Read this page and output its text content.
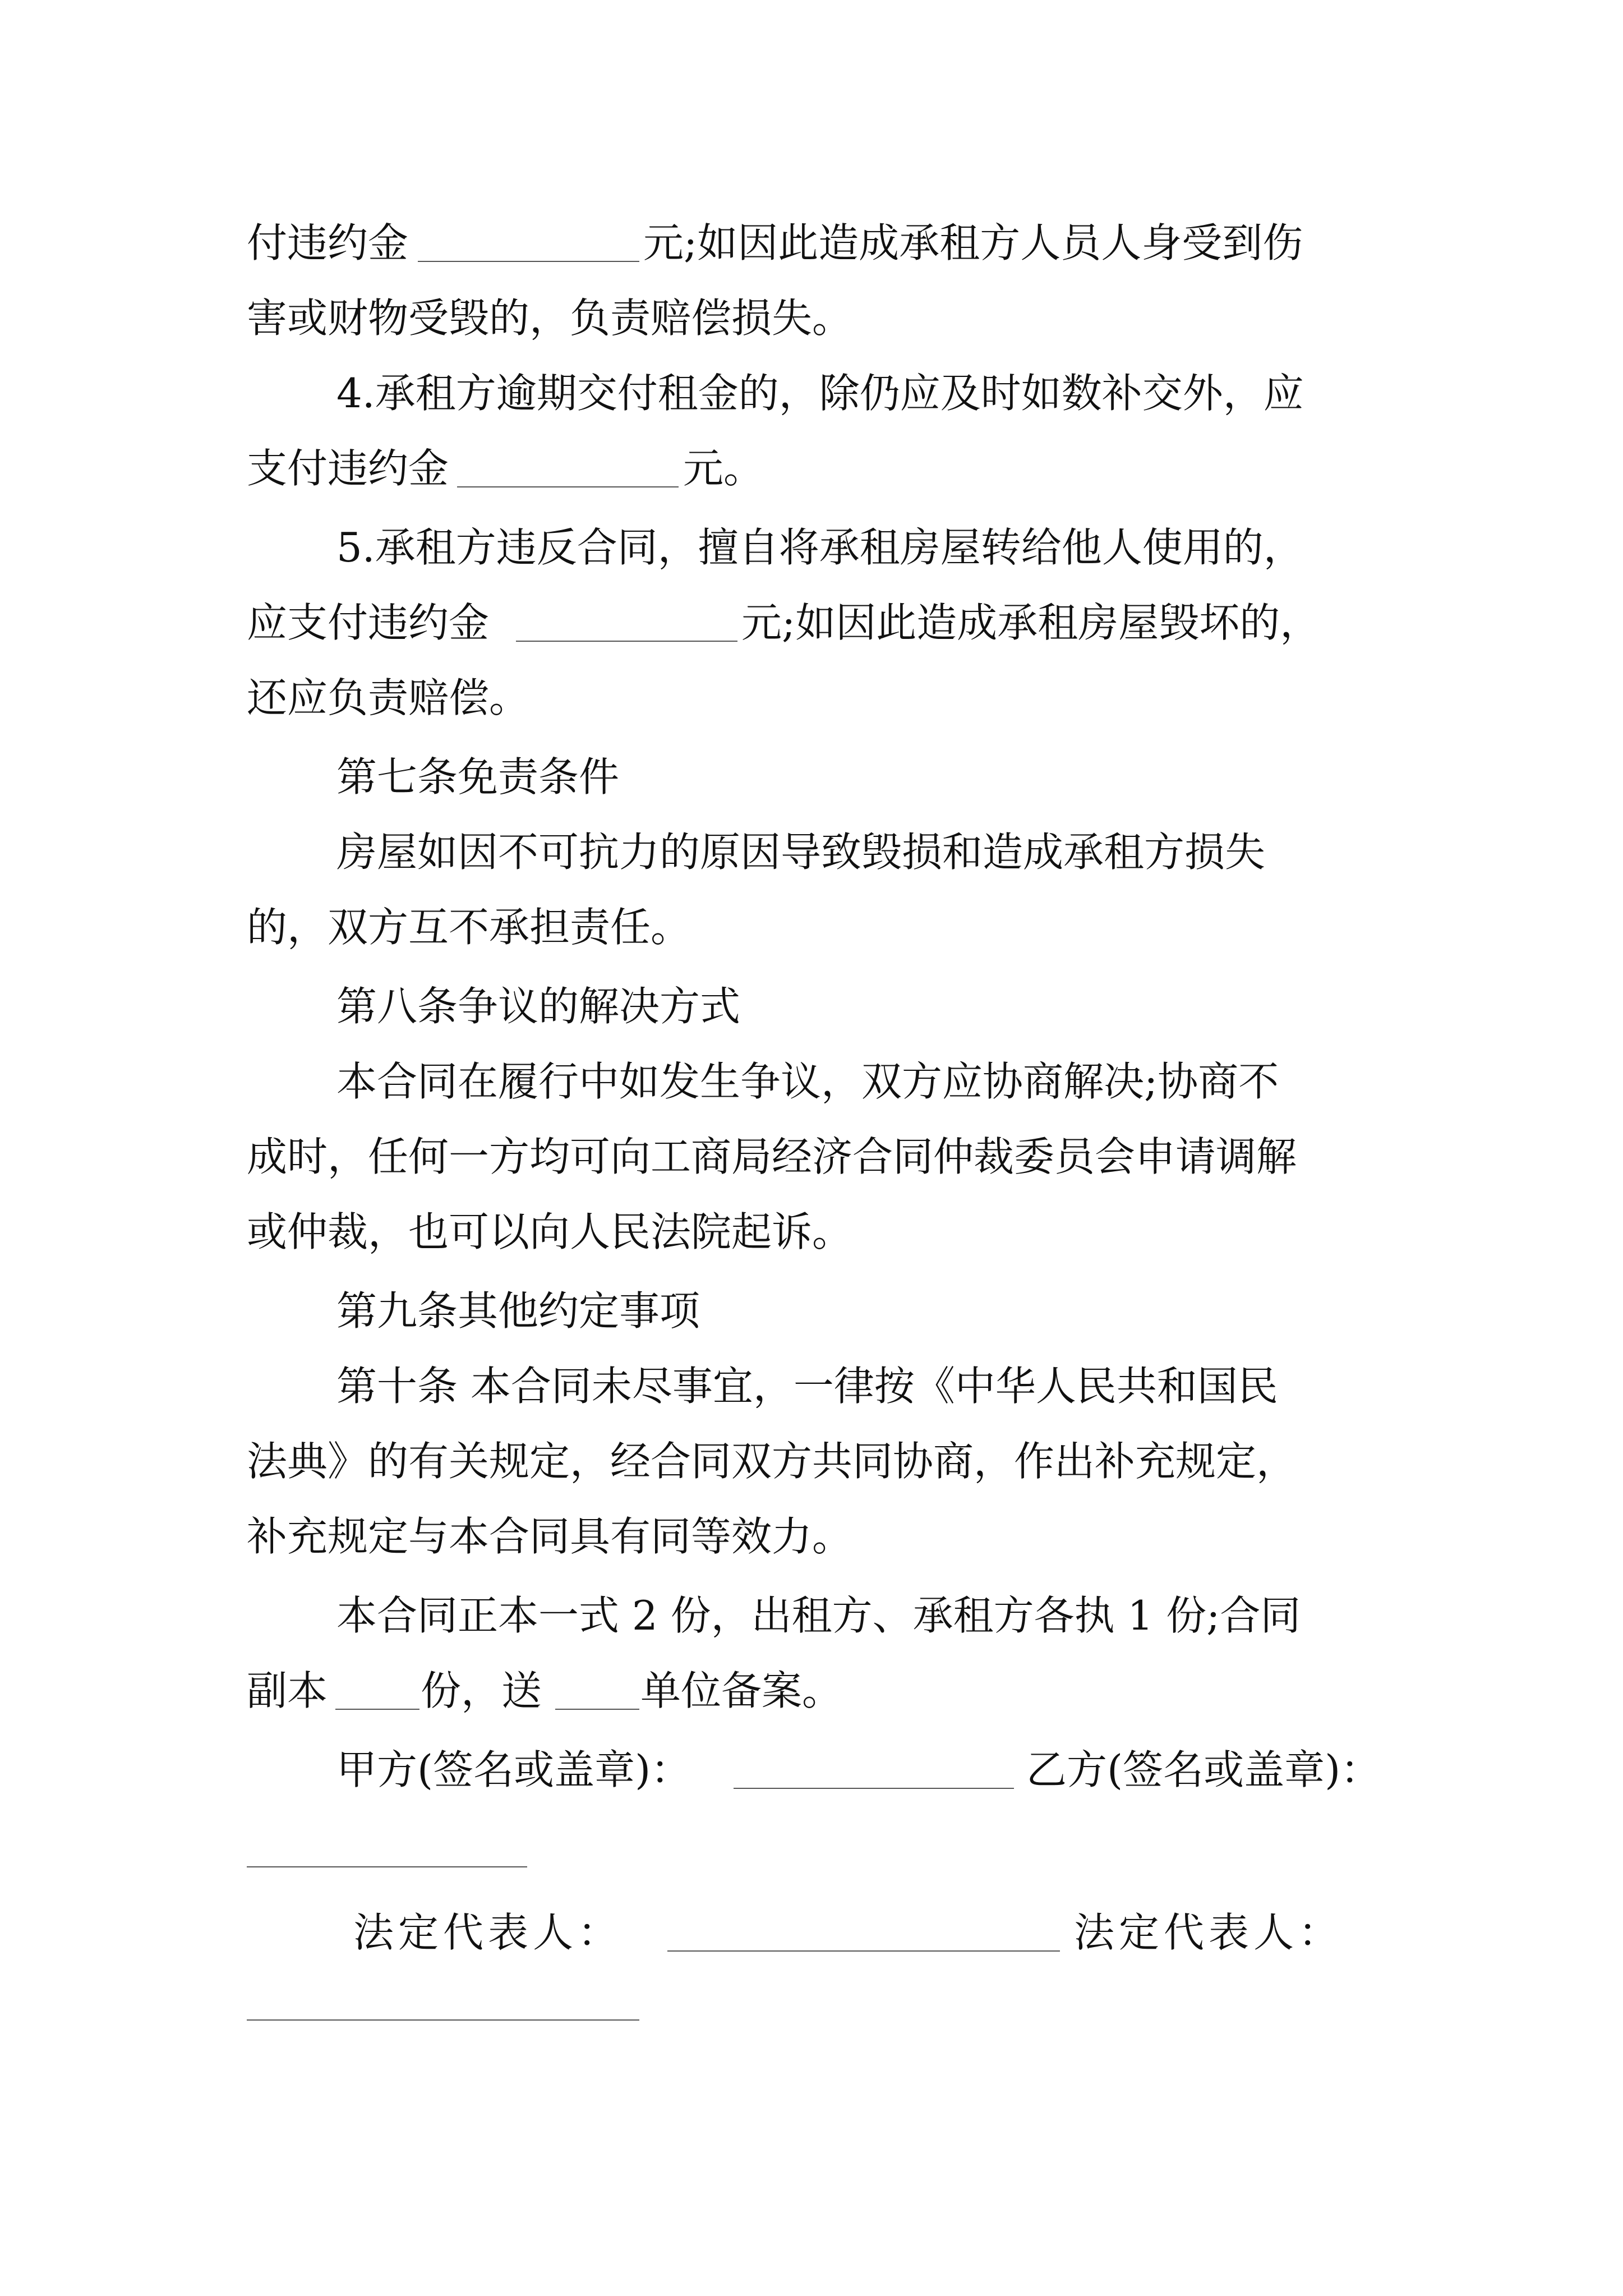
付违约金	元;如因此造成承租方人员人身受到伤
害或财物受毁的，负责赔偿损失。
4.承租方逾期交付租金的，除仍应及时如数补交外，应
支付违约金	元。
5.承租方违反合同，擅自将承租房屋转给他人使用的，
应支付违约金	元;如因此造成承租房屋毁坏的，
还应负责赔偿。
第七条免责条件
房屋如因不可抗力的原因导致毁损和造成承租方损失
的，双方互不承担责任。
第八条争议的解决方式
本合同在履行中如发生争议，双方应协商解决;协商不
成时，任何一方均可向工商局经济合同仲裁委员会申请调解
或仲裁，也可以向人民法院起诉。
第九条其他约定事项
第十条 本合同未尽事宜，一律按《中华人民共和国民
法典》的有关规定，经合同双方共同协商，作出补充规定，
补充规定与本合同具有同等效力。
本合同正本一式 2 份，出租方、承租方各执 1 份;合同
副本 份，送 单位备案。
甲方(签名或盖章)：	乙方(签名或盖章)：
法定代表人：	法定代表人：
